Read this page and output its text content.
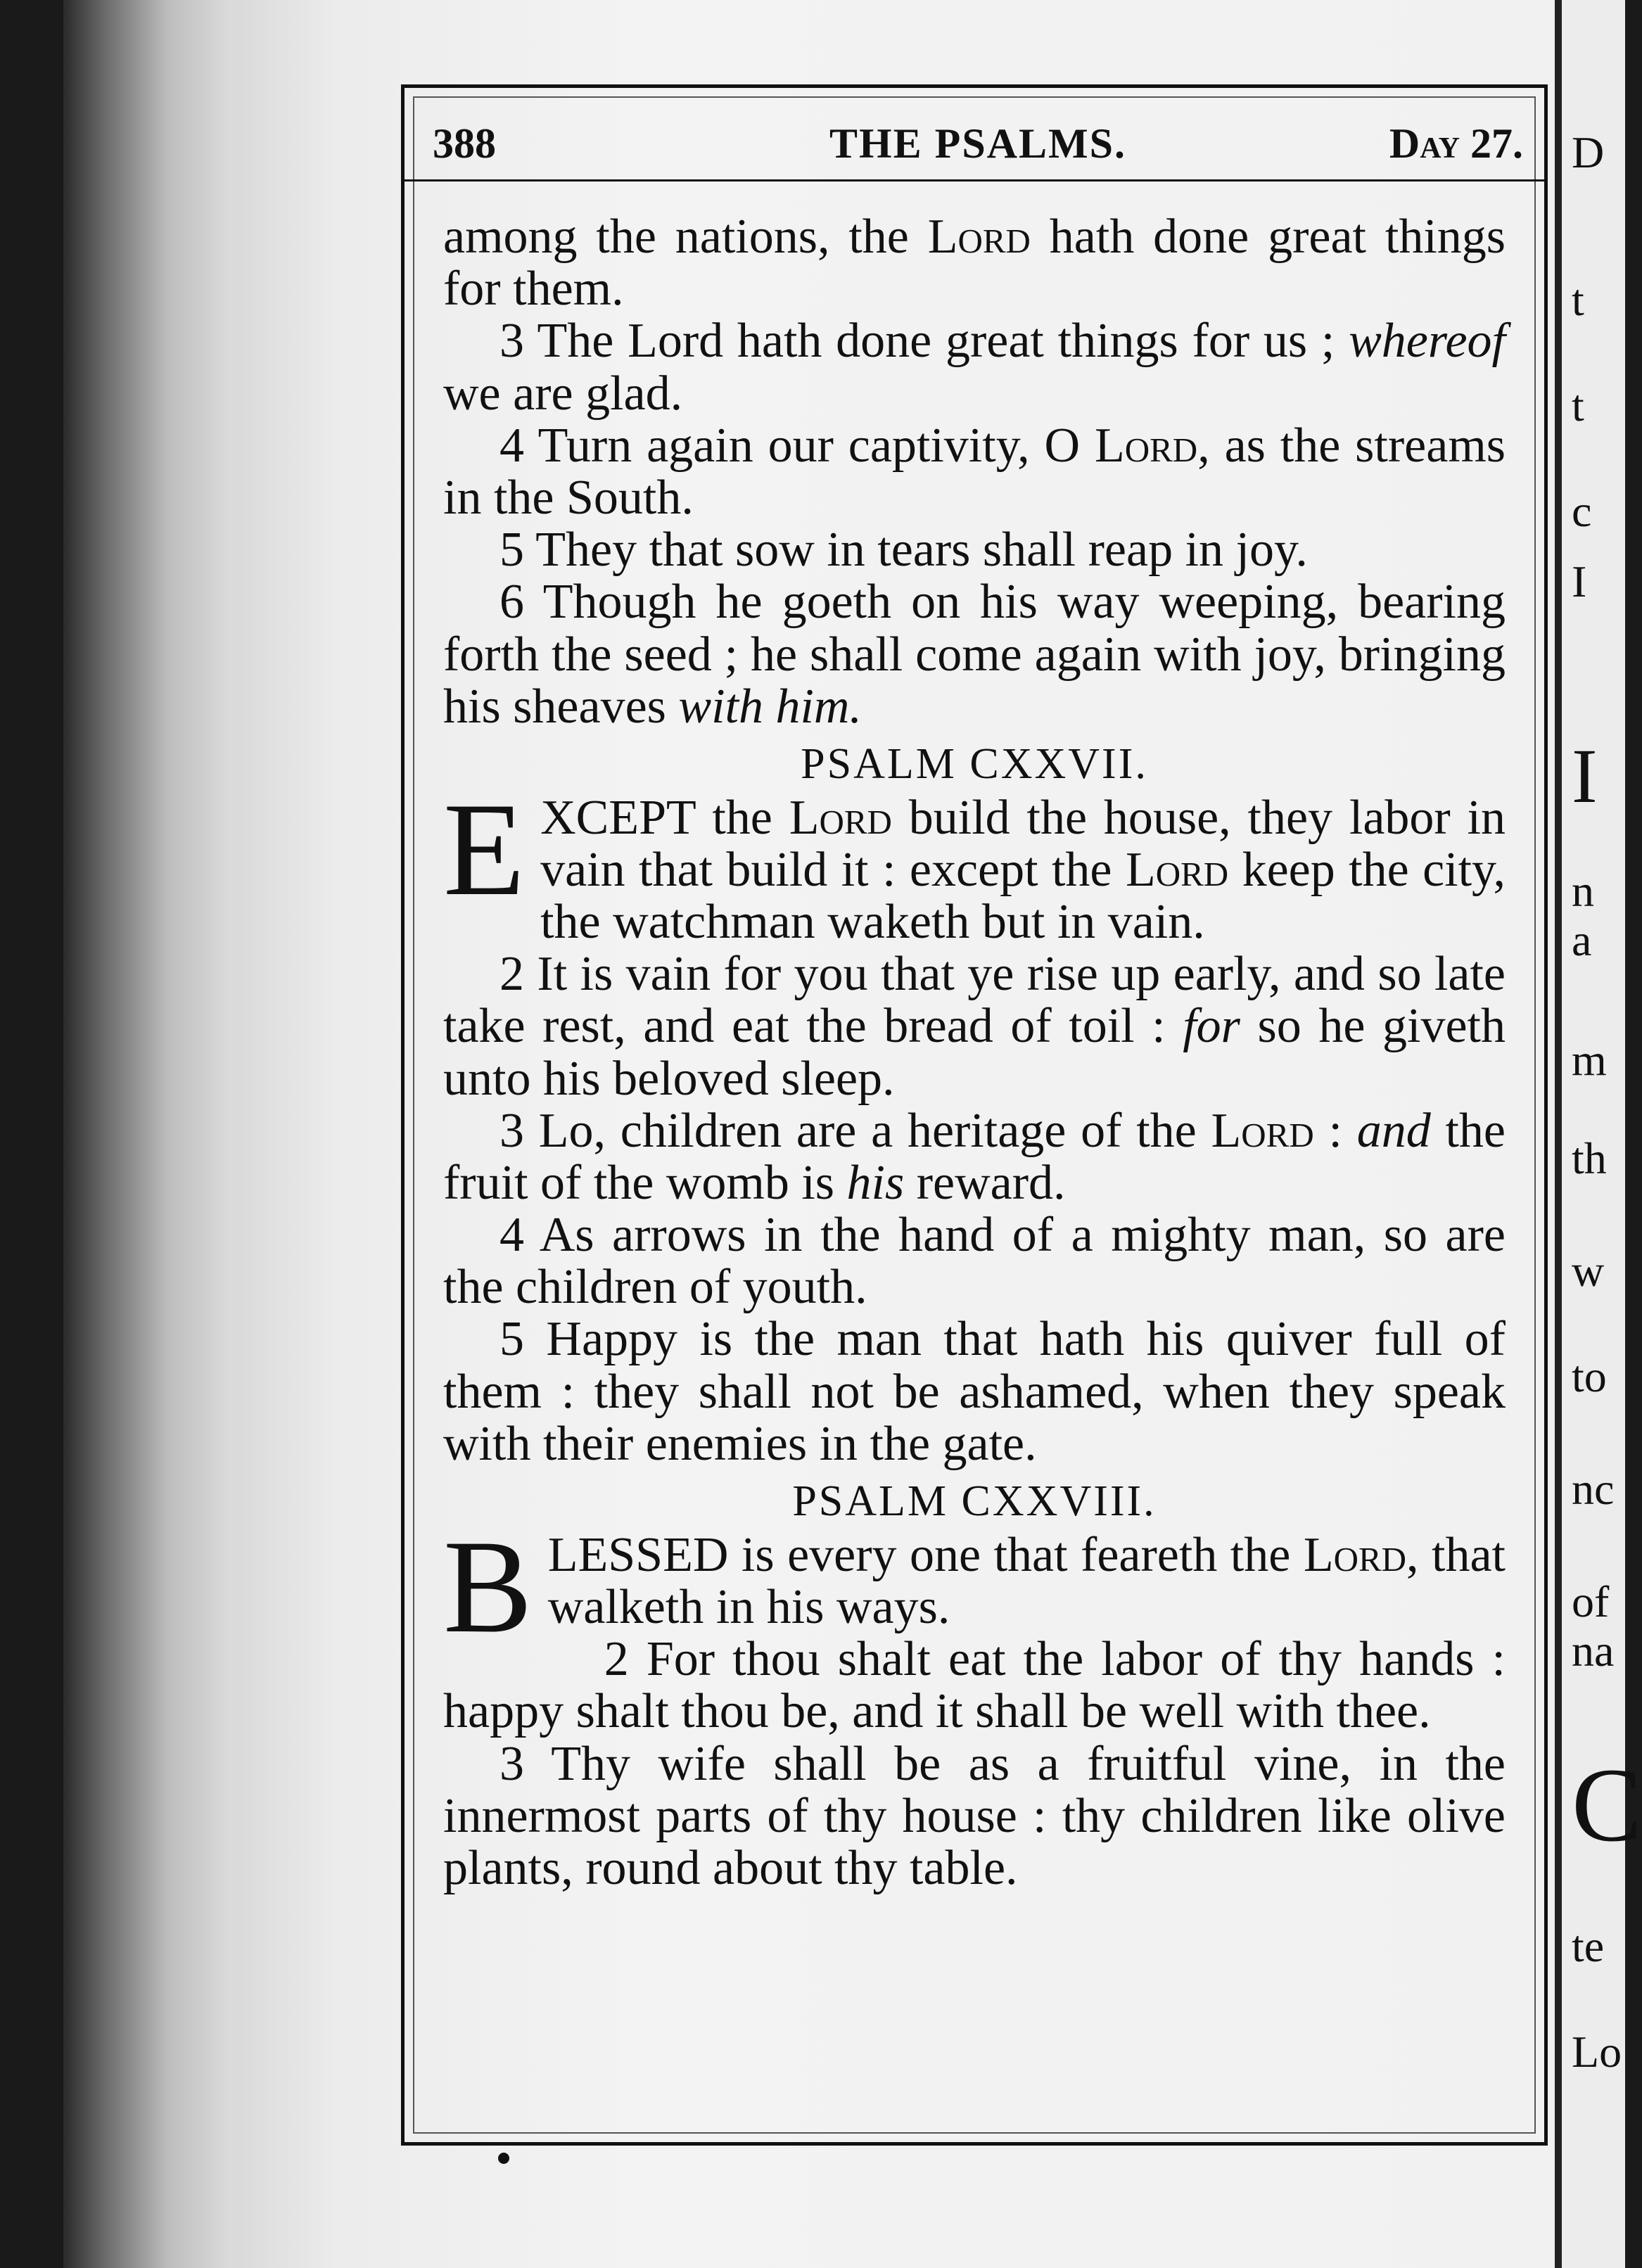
D
t
t
c
I
I
n
a
m
th
w
to
nc
of
na
C
te
Lo
388	THE PSALMS.	Day 27.

among the nations, the Lord hath done great things for them.

3 The Lord hath done great things for us ; whereof we are glad.

4 Turn again our captivity, O Lord, as the streams in the South.

5 They that sow in tears shall reap in joy.

6 Though he goeth on his way weeping, bearing forth the seed ; he shall come again with joy, bringing his sheaves with him.

PSALM CXXVII.

EXCEPT the Lord build the house, they labor in vain that build it : except the Lord keep the city, the watchman waketh but in vain.

2 It is vain for you that ye rise up early, and so late take rest, and eat the bread of toil : for so he giveth unto his beloved sleep.

3 Lo, children are a heritage of the Lord : and the fruit of the womb is his reward.

4 As arrows in the hand of a mighty man, so are the children of youth.

5 Happy is the man that hath his quiver full of them : they shall not be ashamed, when they speak with their enemies in the gate.

PSALM CXXVIII.

BLESSED is every one that feareth the Lord, that walketh in his ways.

2 For thou shalt eat the labor of thy hands : happy shalt thou be, and it shall be well with thee.

3 Thy wife shall be as a fruitful vine, in the innermost parts of thy house : thy children like olive plants, round about thy table.
